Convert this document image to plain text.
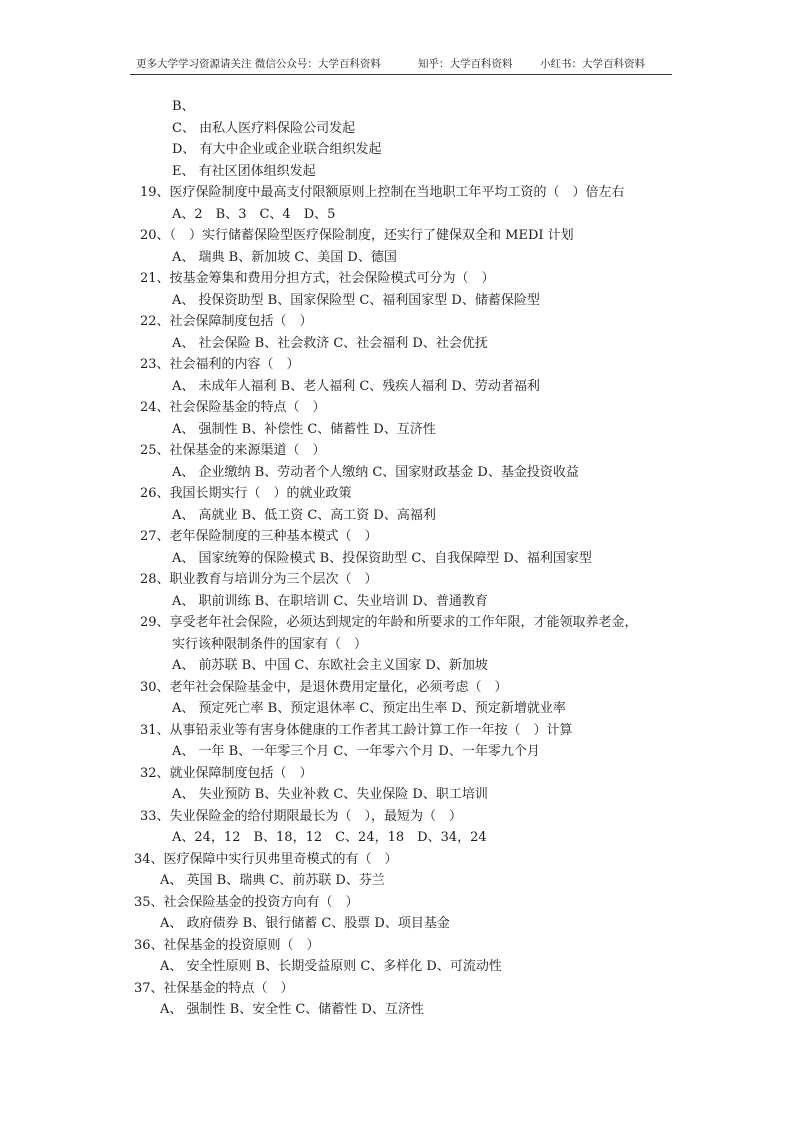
更多大学学习资源请关注 微信公众号：大学百科资料	知乎：大学百科资料	小红书：大学百科资料
B、
C、 由私人医疗料保险公司发起
D、 有大中企业或企业联合组织发起
E、 有社区团体组织发起
19、医疗保险制度中最高支付限额原则上控制在当地职工年平均工资的（　）倍左右
A、2　B、3　C、4　D、5
20、（　）实行储蓄保险型医疗保险制度，还实行了健保双全和 MEDI 计划
A、 瑞典 B、新加坡 C、美国 D、德国
21、按基金筹集和费用分担方式，社会保险模式可分为（　）
A、 投保资助型 B、国家保险型 C、福利国家型 D、储蓄保险型
22、社会保障制度包括（　）
A、 社会保险 B、社会救济 C、社会福利 D、社会优抚
23、社会福利的内容（　）
A、 未成年人福利 B、老人福利 C、残疾人福利 D、劳动者福利
24、社会保险基金的特点（　）
A、 强制性 B、补偿性 C、储蓄性 D、互济性
25、社保基金的来源渠道（　）
A、 企业缴纳 B、劳动者个人缴纳 C、国家财政基金 D、基金投资收益
26、我国长期实行（　）的就业政策
A、 高就业 B、低工资 C、高工资 D、高福利
27、老年保险制度的三种基本模式（　）
A、 国家统筹的保险模式 B、投保资助型 C、自我保障型 D、福利国家型
28、职业教育与培训分为三个层次（　）
A、 职前训练 B、在职培训 C、失业培训 D、普通教育
29、享受老年社会保险，必须达到规定的年龄和所要求的工作年限，才能领取养老金，
实行该种限制条件的国家有（　）
A、 前苏联 B、中国 C、东欧社会主义国家 D、新加坡
30、老年社会保险基金中，是退休费用定量化，必须考虑（　）
A、 预定死亡率 B、预定退休率 C、预定出生率 D、预定新增就业率
31、从事铅汞业等有害身体健康的工作者其工龄计算工作一年按（　）计算
A、 一年 B、一年零三个月 C、一年零六个月 D、一年零九个月
32、就业保障制度包括（　）
A、 失业预防 B、失业补救 C、失业保险 D、职工培训
33、失业保险金的给付期限最长为（　），最短为（　）
A、24，12　B、18，12　C、24，18　D、34，24
34、医疗保障中实行贝弗里奇模式的有（　）
A、 英国 B、瑞典 C、前苏联 D、芬兰
35、社会保险基金的投资方向有（　）
A、 政府债券 B、银行储蓄 C、股票 D、项目基金
36、社保基金的投资原则（　）
A、 安全性原则 B、长期受益原则 C、多样化 D、可流动性
37、社保基金的特点（　）
A、 强制性 B、安全性 C、储蓄性 D、互济性
